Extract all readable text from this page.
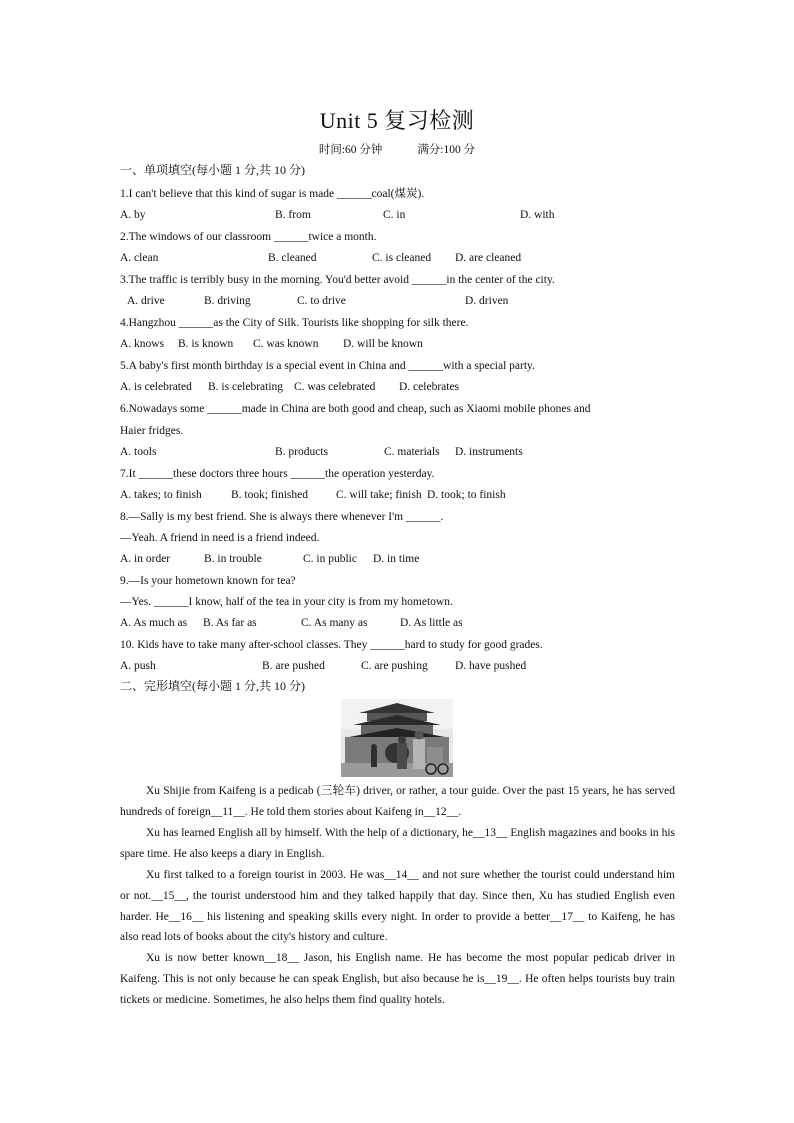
Unit 5 复习检测
时间:60 分钟	满分:100 分
一、单项填空(每小题 1 分,共 10 分)
1.I can't believe that this kind of sugar is made ______coal(煤炭).
A. by	B. from	C. in	D. with
2.The windows of our classroom ______twice a month.
A. clean	B. cleaned	C. is cleaned D. are cleaned
3.The traffic is terribly busy in the morning. You'd better avoid ______in the center of the city.
A. drive	B. driving	C. to drive	D. driven
4.Hangzhou ______as the City of Silk. Tourists like shopping for silk there.
A. knows B. is known C. was known D. will be known
5.A baby's first month birthday is a special event in China and ______with a special party.
A. is celebrated B. is celebrating C. was celebrated D. celebrates
6.Nowadays some ______made in China are both good and cheap, such as Xiaomi mobile phones and
Haier fridges.
A. tools	B. products	C. materials D. instruments
7.It ______these doctors three hours ______the operation yesterday.
A. takes; to finish	B. took; finished C. will take; finish D. took; to finish
8.—Sally is my best friend. She is always there whenever I'm ______.
—Yeah. A friend in need is a friend indeed.
A. in order	B. in trouble	C. in public D. in time
9.—Is your hometown known for tea?
—Yes. ______I know, half of the tea in your city is from my hometown.
A. As much as B. As far as	C. As many as	D. As little as
10. Kids have to take many after-school classes. They ______hard to study for good grades.
A. push	B. are pushed	C. are pushing D. have pushed
二、完形填空(每小题 1 分,共 10 分)
Xu Shijie from Kaifeng is a pedicab (三轮车) driver, or rather, a tour guide. Over the past 15 years, he has served hundreds of foreign__11__. He told them stories about Kaifeng in__12__.
Xu has learned English all by himself. With the help of a dictionary, he__13__ English magazines and books in his spare time. He also keeps a diary in English.
Xu first talked to a foreign tourist in 2003. He was__14__ and not sure whether the tourist could understand him or not.__15__, the tourist understood him and they talked happily that day. Since then, Xu has studied English even harder. He__16__ his listening and speaking skills every night. In order to provide a better__17__ to Kaifeng, he has also read lots of books about the city's history and culture.
Xu is now better known__18__ Jason, his English name. He has become the most popular pedicab driver in Kaifeng. This is not only because he can speak English, but also because he is__19__. He often helps tourists buy train tickets or medicine. Sometimes, he also helps them find quality hotels.
